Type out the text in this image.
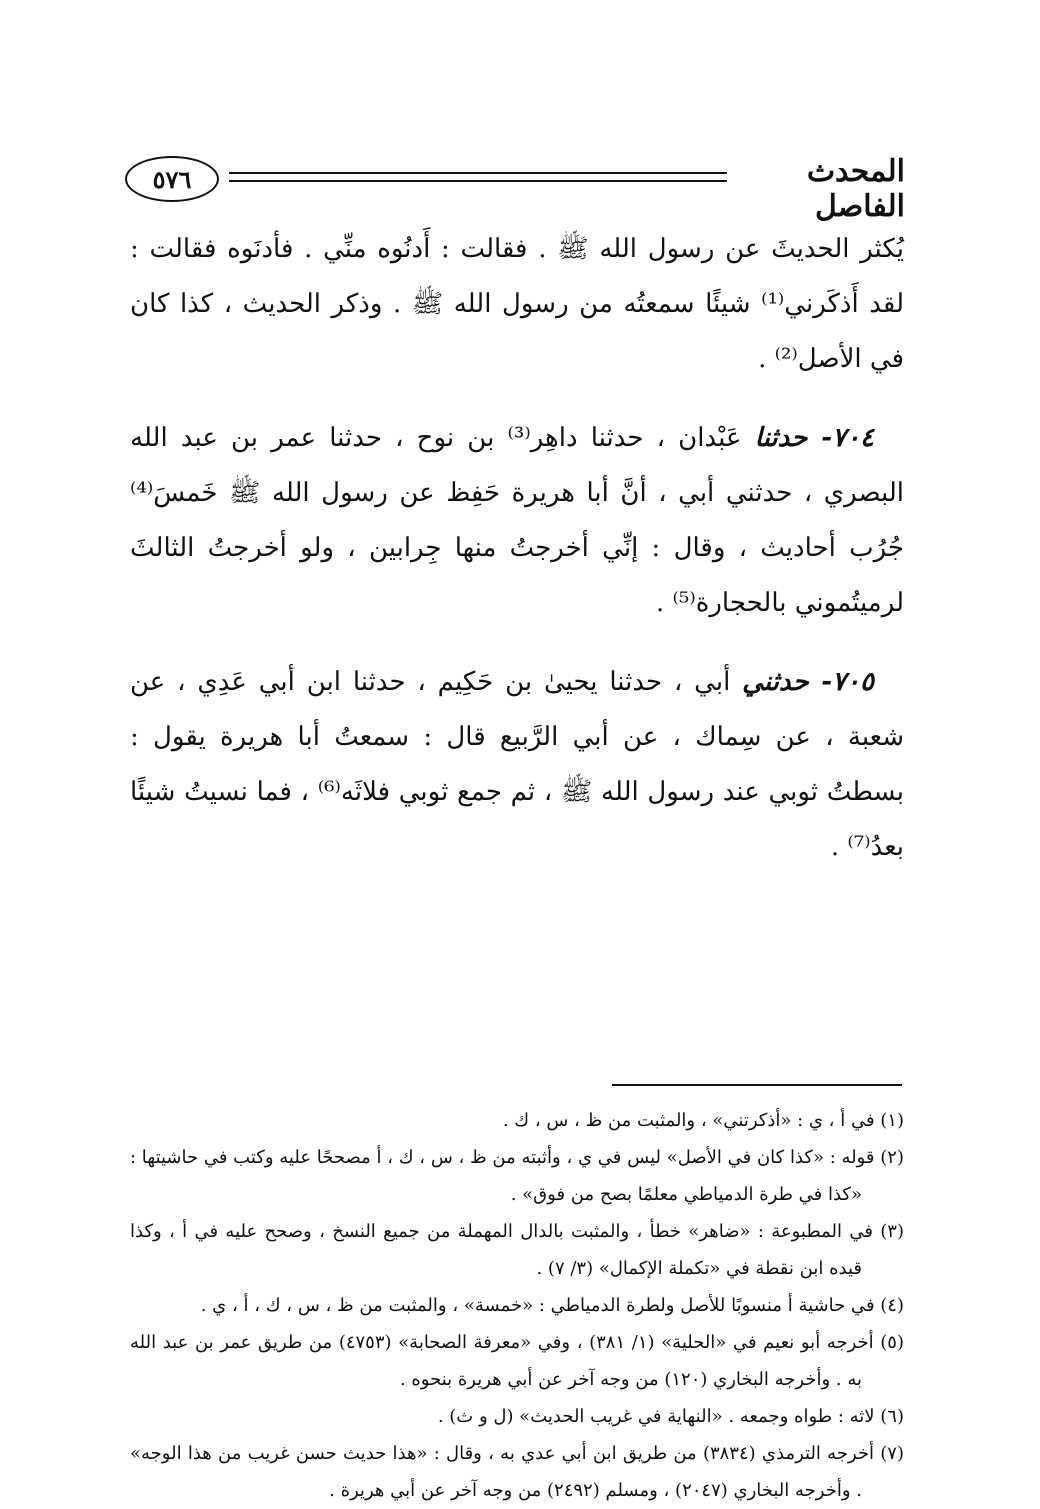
٥٧٦	المحدث الفاصل

يُكثر الحديثَ عن رسول الله ﷺ . فقالت : أَدنُوه منِّي . فأدنَوه فقالت : لقد أَذكَرني⁽¹⁾ شيئًا سمعتُه من رسول الله ﷺ . وذكر الحديث ، كذا كان في الأصل⁽²⁾ .

٧٠٤- حدثنا عَبْدان ، حدثنا داهِر⁽³⁾ بن نوح ، حدثنا عمر بن عبد الله البصري ، حدثني أبي ، أنَّ أبا هريرة حَفِظ عن رسول الله ﷺ خَمسَ⁽⁴⁾ جُرُب أحاديث ، وقال : إنِّي أخرجتُ منها جِرابين ، ولو أخرجتُ الثالثَ لرميتُموني بالحجارة⁽⁵⁾ .

٧٠٥- حدثني أبي ، حدثنا يحيىٰ بن حَكِيم ، حدثنا ابن أبي عَدِي ، عن شعبة ، عن سِماك ، عن أبي الرَّبيع قال : سمعتُ أبا هريرة يقول : بسطتُ ثوبي عند رسول الله ﷺ ، ثم جمع ثوبي فلاثَه⁽⁶⁾ ، فما نسيتُ شيئًا بعدُ⁽⁷⁾ .

(١) في أ ، ي : «أذكرتني» ، والمثبت من ظ ، س ، ك .

(٢) قوله : «كذا كان في الأصل» ليس في ي ، وأثبته من ظ ، س ، ك ، أ مصححًا عليه وكتب في حاشيتها : «كذا في طرة الدمياطي معلمًا بصح من فوق» .

(٣) في المطبوعة : «ضاهر» خطأ ، والمثبت بالدال المهملة من جميع النسخ ، وصحح عليه في أ ، وكذا قيده ابن نقطة في «تكملة الإكمال» (٣/ ٧) .

(٤) في حاشية أ منسوبًا للأصل ولطرة الدمياطي : «خمسة» ، والمثبت من ظ ، س ، ك ، أ ، ي .

(٥) أخرجه أبو نعيم في «الحلية» (١/ ٣٨١) ، وفي «معرفة الصحابة» (٤٧٥٣) من طريق عمر بن عبد الله به . وأخرجه البخاري (١٢٠) من وجه آخر عن أبي هريرة بنحوه .

(٦) لاثه : طواه وجمعه . «النهاية في غريب الحديث» (ل و ث) .

(٧) أخرجه الترمذي (٣٨٣٤) من طريق ابن أبي عدي به ، وقال : «هذا حديث حسن غريب من هذا الوجه» . وأخرجه البخاري (٢٠٤٧) ، ومسلم (٢٤٩٢) من وجه آخر عن أبي هريرة .
